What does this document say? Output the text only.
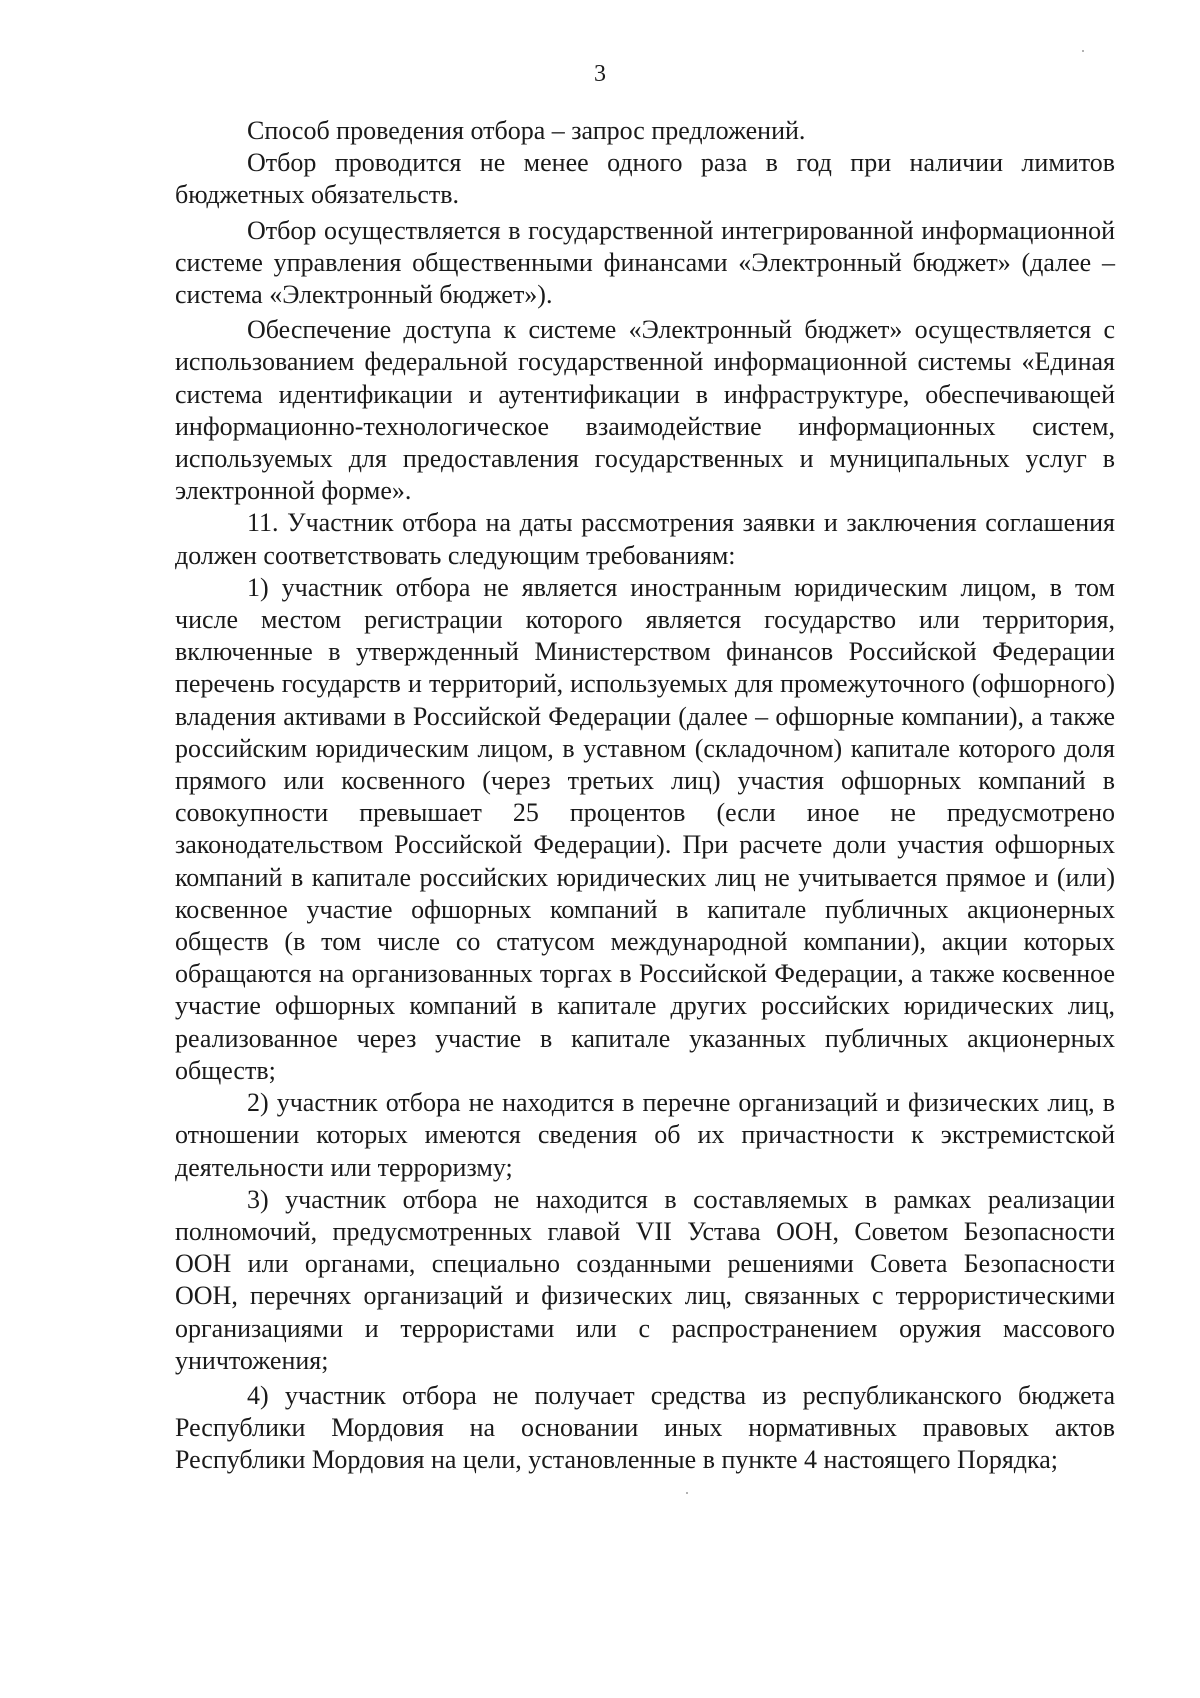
3

Способ проведения отбора – запрос предложений.

Отбор проводится не менее одного раза в год при наличии лимитов бюджетных обязательств.

Отбор осуществляется в государственной интегрированной информационной системе управления общественными финансами «Электронный бюджет» (далее – система «Электронный бюджет»).

Обеспечение доступа к системе «Электронный бюджет» осуществляется с использованием федеральной государственной информационной системы «Единая система идентификации и аутентификации в инфраструктуре, обеспечивающей информационно-технологическое взаимодействие информационных систем, используемых для предоставления государственных и муниципальных услуг в электронной форме».

11. Участник отбора на даты рассмотрения заявки и заключения соглашения должен соответствовать следующим требованиям:

1) участник отбора не является иностранным юридическим лицом, в том числе местом регистрации которого является государство или территория, включенные в утвержденный Министерством финансов Российской Федерации перечень государств и территорий, используемых для промежуточного (офшорного) владения активами в Российской Федерации (далее – офшорные компании), а также российским юридическим лицом, в уставном (складочном) капитале которого доля прямого или косвенного (через третьих лиц) участия офшорных компаний в совокупности превышает 25 процентов (если иное не предусмотрено законодательством Российской Федерации). При расчете доли участия офшорных компаний в капитале российских юридических лиц не учитывается прямое и (или) косвенное участие офшорных компаний в капитале публичных акционерных обществ (в том числе со статусом международной компании), акции которых обращаются на организованных торгах в Российской Федерации, а также косвенное участие офшорных компаний в капитале других российских юридических лиц, реализованное через участие в капитале указанных публичных акционерных обществ;

2) участник отбора не находится в перечне организаций и физических лиц, в отношении которых имеются сведения об их причастности к экстремистской деятельности или терроризму;

3) участник отбора не находится в составляемых в рамках реализации полномочий, предусмотренных главой VII Устава ООН, Советом Безопасности ООН или органами, специально созданными решениями Совета Безопасности ООН, перечнях организаций и физических лиц, связанных с террористическими организациями и террористами или с распространением оружия массового уничтожения;

4) участник отбора не получает средства из республиканского бюджета Республики Мордовия на основании иных нормативных правовых актов Республики Мордовия на цели, установленные в пункте 4 настоящего Порядка;
